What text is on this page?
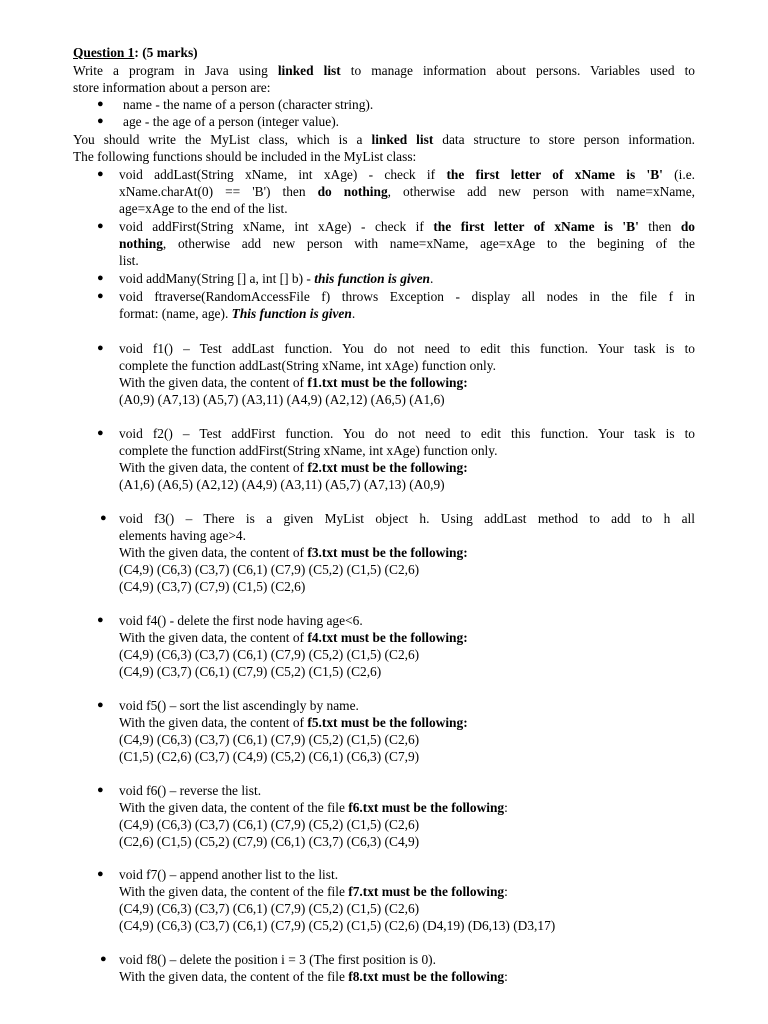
Question 1: (5 marks)
Write a program in Java using linked list to manage information about persons. Variables used to
store information about a person are:
● name - the name of a person (character string).
● age - the age of a person (integer value).
You should write the MyList class, which is a linked list data structure to store person information.
The following functions should be included in the MyList class:
● void addLast(String xName, int xAge) - check if the first letter of xName is 'B' (i.e.
xName.charAt(0) == 'B') then do nothing, otherwise add new person with name=xName,
age=xAge to the end of the list.
● void addFirst(String xName, int xAge) - check if the first letter of xName is 'B' then do
nothing, otherwise add new person with name=xName, age=xAge to the begining of the
list.
● void addMany(String [] a, int [] b) - this function is given.
● void ftraverse(RandomAccessFile f) throws Exception - display all nodes in the file f in
format: (name, age). This function is given.
● void f1() – Test addLast function. You do not need to edit this function. Your task is to
complete the function addLast(String xName, int xAge) function only.
With the given data, the content of f1.txt must be the following:
(A0,9) (A7,13) (A5,7) (A3,11) (A4,9) (A2,12) (A6,5) (A1,6)
● void f2() – Test addFirst function. You do not need to edit this function. Your task is to
complete the function addFirst(String xName, int xAge) function only.
With the given data, the content of f2.txt must be the following:
(A1,6) (A6,5) (A2,12) (A4,9) (A3,11) (A5,7) (A7,13) (A0,9)
● void f3() – There is a given MyList object h. Using addLast method to add to h all
elements having age>4.
With the given data, the content of f3.txt must be the following:
(C4,9) (C6,3) (C3,7) (C6,1) (C7,9) (C5,2) (C1,5) (C2,6)
(C4,9) (C3,7) (C7,9) (C1,5) (C2,6)
● void f4() - delete the first node having age<6.
With the given data, the content of f4.txt must be the following:
(C4,9) (C6,3) (C3,7) (C6,1) (C7,9) (C5,2) (C1,5) (C2,6)
(C4,9) (C3,7) (C6,1) (C7,9) (C5,2) (C1,5) (C2,6)
● void f5() – sort the list ascendingly by name.
With the given data, the content of f5.txt must be the following:
(C4,9) (C6,3) (C3,7) (C6,1) (C7,9) (C5,2) (C1,5) (C2,6)
(C1,5) (C2,6) (C3,7) (C4,9) (C5,2) (C6,1) (C6,3) (C7,9)
● void f6() – reverse the list.
With the given data, the content of the file f6.txt must be the following:
(C4,9) (C6,3) (C3,7) (C6,1) (C7,9) (C5,2) (C1,5) (C2,6)
(C2,6) (C1,5) (C5,2) (C7,9) (C6,1) (C3,7) (C6,3) (C4,9)
● void f7() – append another list to the list.
With the given data, the content of the file f7.txt must be the following:
(C4,9) (C6,3) (C3,7) (C6,1) (C7,9) (C5,2) (C1,5) (C2,6)
(C4,9) (C6,3) (C3,7) (C6,1) (C7,9) (C5,2) (C1,5) (C2,6) (D4,19) (D6,13) (D3,17)
● void f8() – delete the position i = 3 (The first position is 0).
With the given data, the content of the file f8.txt must be the following:
